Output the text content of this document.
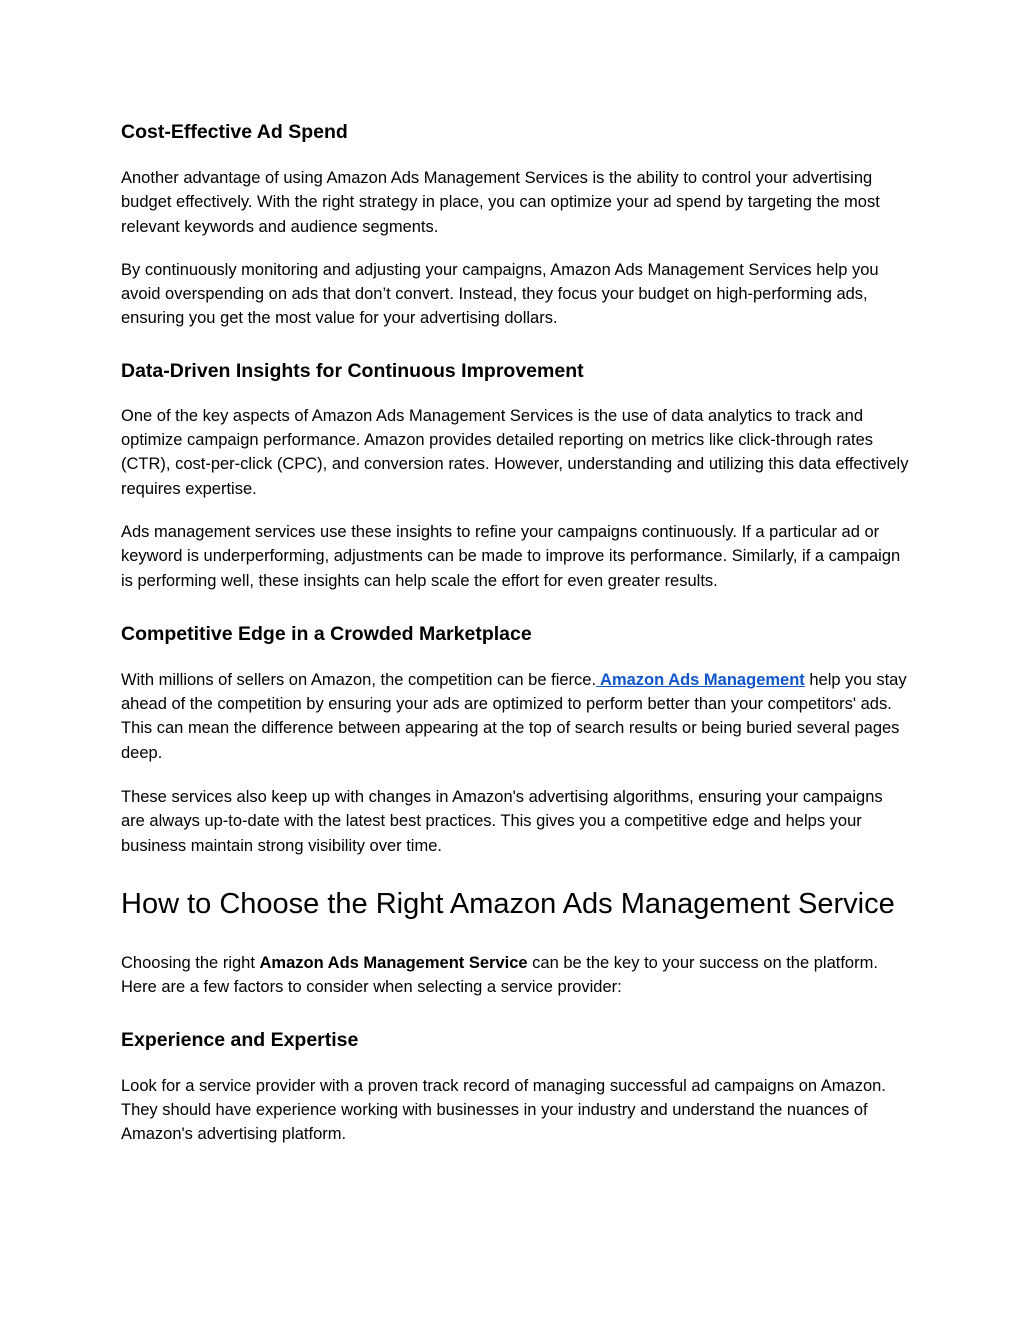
Cost-Effective Ad Spend

Another advantage of using Amazon Ads Management Services is the ability to control your advertising budget effectively. With the right strategy in place, you can optimize your ad spend by targeting the most relevant keywords and audience segments.

By continuously monitoring and adjusting your campaigns, Amazon Ads Management Services help you avoid overspending on ads that don’t convert. Instead, they focus your budget on high-performing ads, ensuring you get the most value for your advertising dollars.

Data-Driven Insights for Continuous Improvement

One of the key aspects of Amazon Ads Management Services is the use of data analytics to track and optimize campaign performance. Amazon provides detailed reporting on metrics like click-through rates (CTR), cost-per-click (CPC), and conversion rates. However, understanding and utilizing this data effectively requires expertise.

Ads management services use these insights to refine your campaigns continuously. If a particular ad or keyword is underperforming, adjustments can be made to improve its performance. Similarly, if a campaign is performing well, these insights can help scale the effort for even greater results.

Competitive Edge in a Crowded Marketplace

With millions of sellers on Amazon, the competition can be fierce. Amazon Ads Management help you stay ahead of the competition by ensuring your ads are optimized to perform better than your competitors' ads. This can mean the difference between appearing at the top of search results or being buried several pages deep.

These services also keep up with changes in Amazon's advertising algorithms, ensuring your campaigns are always up-to-date with the latest best practices. This gives you a competitive edge and helps your business maintain strong visibility over time.

How to Choose the Right Amazon Ads Management Service

Choosing the right Amazon Ads Management Service can be the key to your success on the platform. Here are a few factors to consider when selecting a service provider:

Experience and Expertise

Look for a service provider with a proven track record of managing successful ad campaigns on Amazon. They should have experience working with businesses in your industry and understand the nuances of Amazon's advertising platform.
